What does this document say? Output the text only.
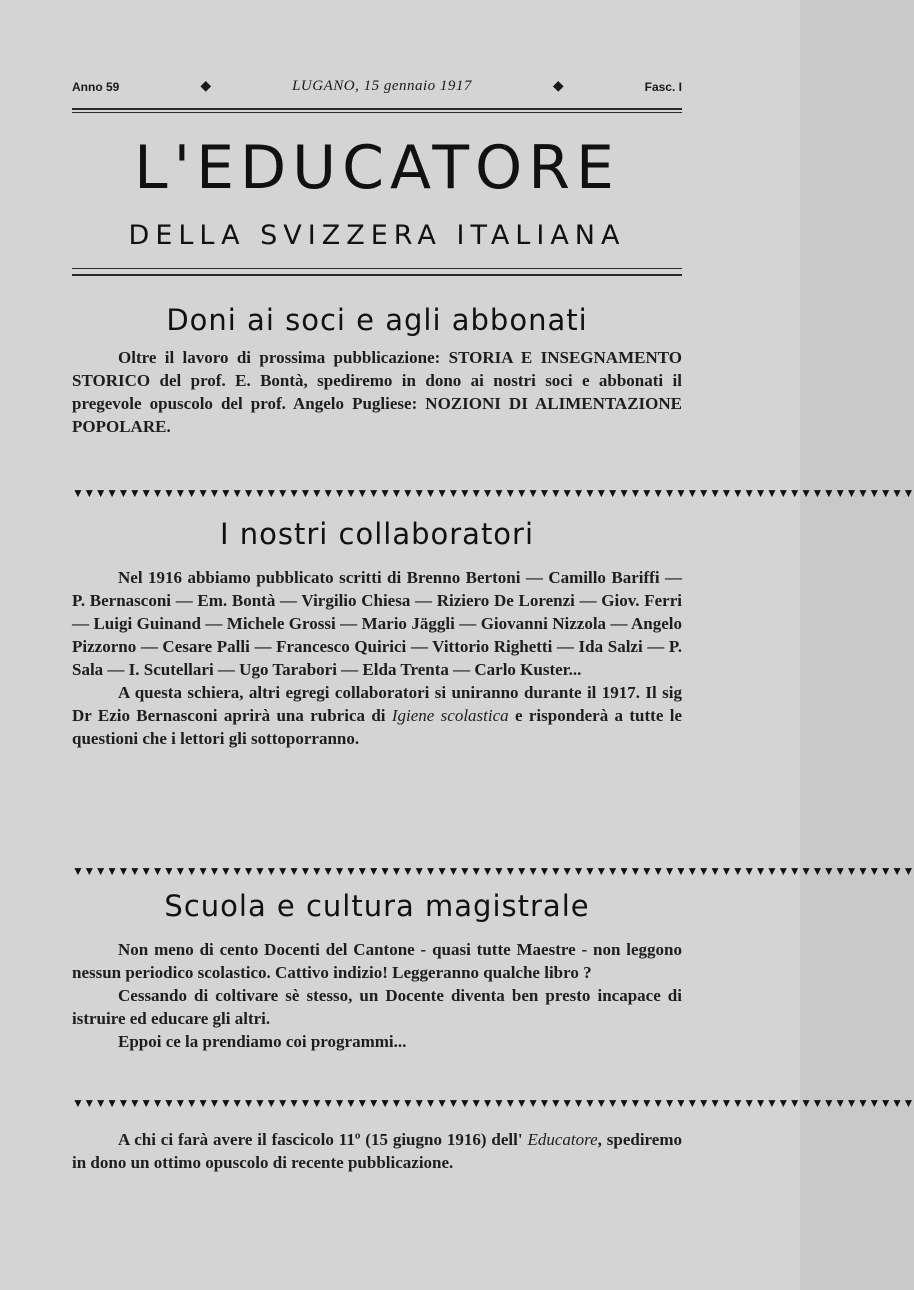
Anno 59	◆	LUGANO, 15 gennaio 1917	◆	Fasc. I
L'EDUCATORE
DELLA SVIZZERA ITALIANA
Doni ai soci e agli abbonati

Oltre il lavoro di prossima pubblicazione: STORIA E INSEGNAMENTO STORICO del prof. E. Bontà, spediremo in dono ai nostri soci e abbonati il pregevole opuscolo del prof. Angelo Pugliese: NOZIONI DI ALIMENTAZIONE POPOLARE.

▼▼▼▼▼▼▼▼▼▼▼▼▼▼▼▼▼▼▼▼▼▼▼▼▼▼▼▼▼▼▼▼▼▼▼▼▼▼▼▼▼▼▼▼▼▼▼▼▼▼▼▼▼▼▼▼▼▼▼▼▼▼▼▼▼▼▼▼▼▼▼▼▼▼
I nostri collaboratori

Nel 1916 abbiamo pubblicato scritti di Brenno Bertoni — Camillo Bariffi — P. Bernasconi — Em. Bontà — Virgilio Chiesa — Riziero De Lorenzi — Giov. Ferri — Luigi Guinand — Michele Grossi — Mario Jäggli — Giovanni Nizzola — Angelo Pizzorno — Cesare Palli — Francesco Quirici — Vittorio Righetti — Ida Salzi — P. Sala — I. Scutellari — Ugo Tarabori — Elda Trenta — Carlo Kuster...

A questa schiera, altri egregi collaboratori si uniranno durante il 1917. Il sig Dr Ezio Bernasconi aprirà una rubrica di Igiene scolastica e risponderà a tutte le questioni che i lettori gli sottoporranno.

▼▼▼▼▼▼▼▼▼▼▼▼▼▼▼▼▼▼▼▼▼▼▼▼▼▼▼▼▼▼▼▼▼▼▼▼▼▼▼▼▼▼▼▼▼▼▼▼▼▼▼▼▼▼▼▼▼▼▼▼▼▼▼▼▼▼▼▼▼▼▼▼▼▼
Scuola e cultura magistrale

Non meno di cento Docenti del Cantone - quasi tutte Maestre - non leggono nessun periodico scolastico. Cattivo indizio! Leggeranno qualche libro ?

Cessando di coltivare sè stesso, un Docente diventa ben presto incapace di istruire ed educare gli altri.

Eppoi ce la prendiamo coi programmi...

▼▼▼▼▼▼▼▼▼▼▼▼▼▼▼▼▼▼▼▼▼▼▼▼▼▼▼▼▼▼▼▼▼▼▼▼▼▼▼▼▼▼▼▼▼▼▼▼▼▼▼▼▼▼▼▼▼▼▼▼▼▼▼▼▼▼▼▼▼▼▼▼▼▼

A chi ci farà avere il fascicolo 11º (15 giugno 1916) dell' Educatore, spediremo in dono un ottimo opuscolo di recente pubblicazione.
